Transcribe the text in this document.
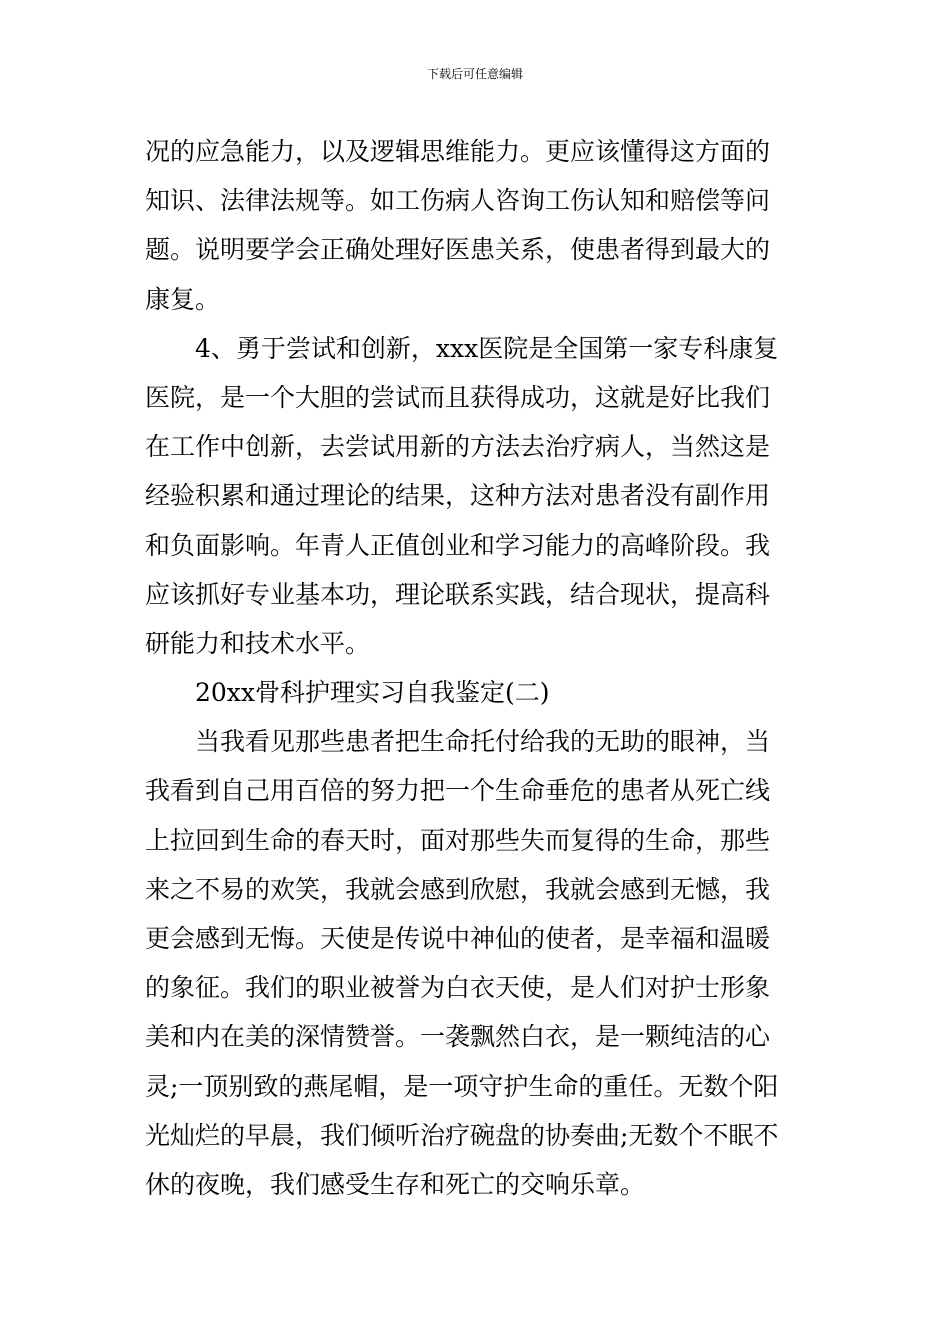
下载后可任意编辑
况的应急能力，以及逻辑思维能力。更应该懂得这方面的
知识、法律法规等。如工伤病人咨询工伤认知和赔偿等问
题。说明要学会正确处理好医患关系，使患者得到最大的
康复。
4、勇于尝试和创新，xxx医院是全国第一家专科康复
医院，是一个大胆的尝试而且获得成功，这就是好比我们
在工作中创新，去尝试用新的方法去治疗病人，当然这是
经验积累和通过理论的结果，这种方法对患者没有副作用
和负面影响。年青人正值创业和学习能力的高峰阶段。我
应该抓好专业基本功，理论联系实践，结合现状，提高科
研能力和技术水平。
20xx骨科护理实习自我鉴定(二)
当我看见那些患者把生命托付给我的无助的眼神，当
我看到自己用百倍的努力把一个生命垂危的患者从死亡线
上拉回到生命的春天时，面对那些失而复得的生命，那些
来之不易的欢笑，我就会感到欣慰，我就会感到无憾，我
更会感到无悔。天使是传说中神仙的使者，是幸福和温暖
的象征。我们的职业被誉为白衣天使，是人们对护士形象
美和内在美的深情赞誉。一袭飘然白衣，是一颗纯洁的心
灵;一顶别致的燕尾帽，是一项守护生命的重任。无数个阳
光灿烂的早晨，我们倾听治疗碗盘的协奏曲;无数个不眠不
休的夜晚，我们感受生存和死亡的交响乐章。
